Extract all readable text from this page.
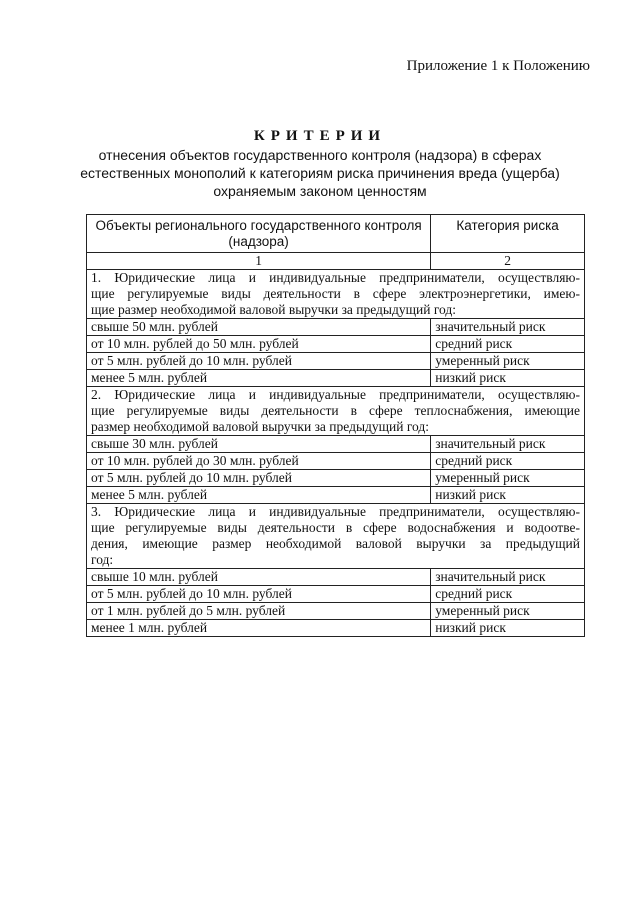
Приложение 1 к Положению
КРИТЕРИИ
отнесения объектов государственного контроля (надзора) в сферах
естественных монополий к категориям риска причинения вреда (ущерба)
охраняемым законом ценностям
Объекты регионального государственного контроля (надзора)	Категория риска
1	2

1. Юридические лица и индивидуальные предприниматели, осуществляю-
щие регулируемые виды деятельности в сфере электроэнергетики, имею-
щие размер необходимой валовой выручки за предыдущий год:	

свыше 50 млн. рублей	значительный риск
от 10 млн. рублей до 50 млн. рублей	средний риск
от 5 млн. рублей до 10 млн. рублей	умеренный риск
менее 5 млн. рублей	низкий риск

2. Юридические лица и индивидуальные предприниматели, осуществляю-
щие регулируемые виды деятельности в сфере теплоснабжения, имеющие
размер необходимой валовой выручки за предыдущий год:	

свыше 30 млн. рублей	значительный риск
от 10 млн. рублей до 30 млн. рублей	средний риск
от 5 млн. рублей до 10 млн. рублей	умеренный риск
менее 5 млн. рублей	низкий риск

3. Юридические лица и индивидуальные предприниматели, осуществляю-
щие регулируемые виды деятельности в сфере водоснабжения и водоотве-
дения, имеющие размер необходимой валовой выручки за предыдущий
год:	

свыше 10 млн. рублей	значительный риск
от 5 млн. рублей до 10 млн. рублей	средний риск
от 1 млн. рублей до 5 млн. рублей	умеренный риск
менее 1 млн. рублей	низкий риск
